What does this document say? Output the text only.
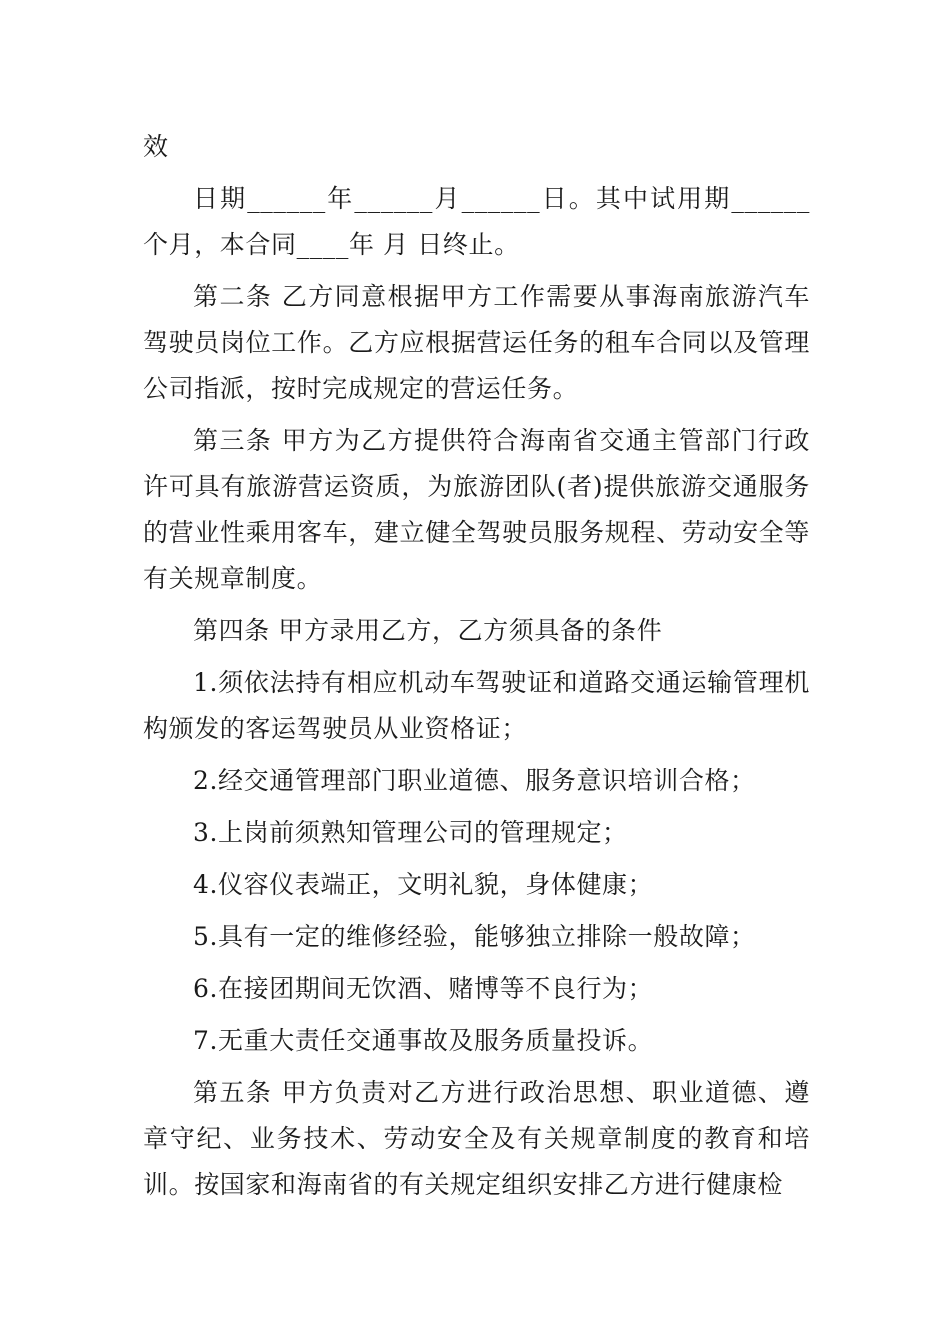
效

日期______年______月______日。其中试用期______个月，本合同____年 月 日终止。

第二条 乙方同意根据甲方工作需要从事海南旅游汽车驾驶员岗位工作。乙方应根据营运任务的租车合同以及管理公司指派，按时完成规定的营运任务。

第三条 甲方为乙方提供符合海南省交通主管部门行政许可具有旅游营运资质，为旅游团队(者)提供旅游交通服务的营业性乘用客车，建立健全驾驶员服务规程、劳动安全等有关规章制度。

第四条 甲方录用乙方，乙方须具备的条件

1.须依法持有相应机动车驾驶证和道路交通运输管理机构颁发的客运驾驶员从业资格证；

2.经交通管理部门职业道德、服务意识培训合格；

3.上岗前须熟知管理公司的管理规定；

4.仪容仪表端正，文明礼貌，身体健康；

5.具有一定的维修经验，能够独立排除一般故障；

6.在接团期间无饮酒、赌博等不良行为；

7.无重大责任交通事故及服务质量投诉。

第五条 甲方负责对乙方进行政治思想、职业道德、遵章守纪、业务技术、劳动安全及有关规章制度的教育和培训。按国家和海南省的有关规定组织安排乙方进行健康检
